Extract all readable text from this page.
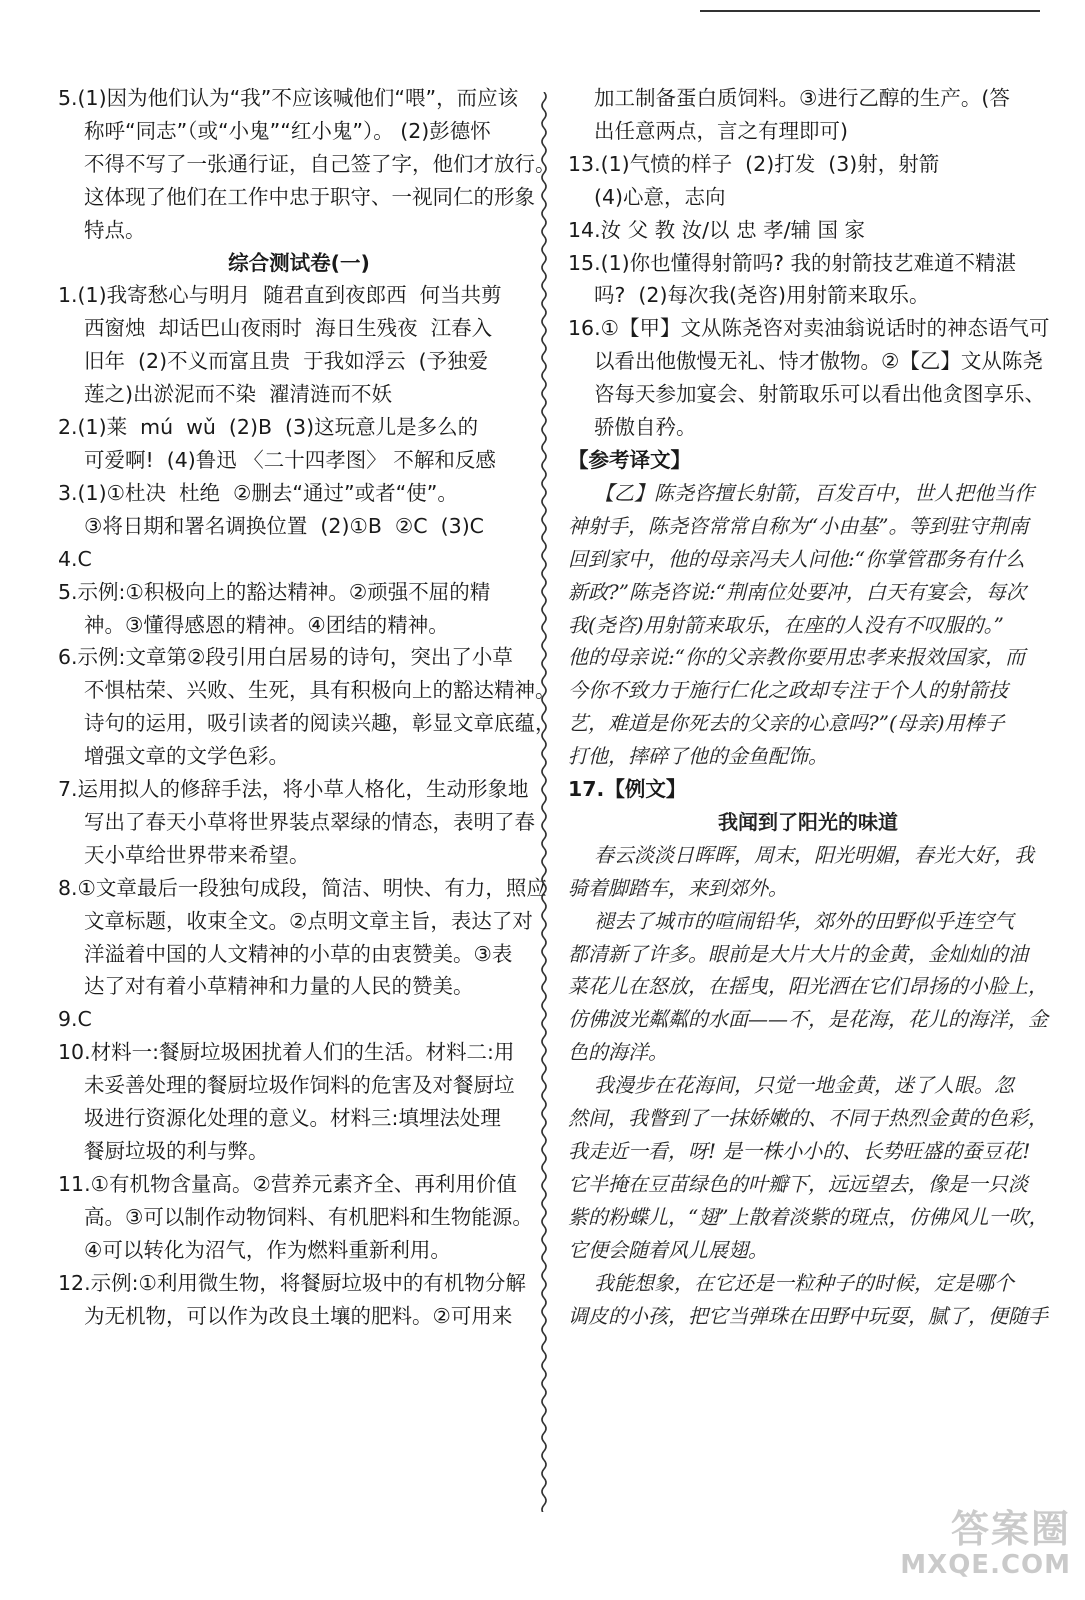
5.(1)因为他们认为“我”不应该喊他们“喂”，而应该
称呼“同志”（或“小鬼”“红小鬼”）。 (2)彭德怀
不得不写了一张通行证，自己签了字，他们才放行。
这体现了他们在工作中忠于职守、一视同仁的形象
特点。
综合测试卷(一)
1.(1)我寄愁心与明月  随君直到夜郎西  何当共剪
西窗烛  却话巴山夜雨时  海日生残夜  江春入
旧年  (2)不义而富且贵  于我如浮云  (予独爱
莲之)出淤泥而不染  濯清涟而不妖
2.(1)莱  mú  wǔ  (2)B  (3)这玩意儿是多么的
可爱啊!  (4)鲁迅 〈二十四孝图〉 不解和反感
3.(1)①杜决  杜绝  ②删去“通过”或者“使”。
③将日期和署名调换位置  (2)①B  ②C  (3)C
4.C
5.示例:①积极向上的豁达精神。②顽强不屈的精
神。③懂得感恩的精神。④团结的精神。
6.示例:文章第②段引用白居易的诗句，突出了小草
不惧枯荣、兴败、生死，具有积极向上的豁达精神。
诗句的运用，吸引读者的阅读兴趣，彰显文章底蕴，
增强文章的文学色彩。
7.运用拟人的修辞手法，将小草人格化，生动形象地
写出了春天小草将世界装点翠绿的情态，表明了春
天小草给世界带来希望。
8.①文章最后一段独句成段，简洁、明快、有力，照应
文章标题，收束全文。②点明文章主旨，表达了对
洋溢着中国的人文精神的小草的由衷赞美。③表
达了对有着小草精神和力量的人民的赞美。
9.C
10.材料一:餐厨垃圾困扰着人们的生活。材料二:用
未妥善处理的餐厨垃圾作饲料的危害及对餐厨垃
圾进行资源化处理的意义。材料三:填埋法处理
餐厨垃圾的利与弊。
11.①有机物含量高。②营养元素齐全、再利用价值
高。③可以制作动物饲料、有机肥料和生物能源。
④可以转化为沼气，作为燃料重新利用。
12.示例:①利用微生物，将餐厨垃圾中的有机物分解
为无机物，可以作为改良土壤的肥料。②可用来
加工制备蛋白质饲料。③进行乙醇的生产。(答
出任意两点，言之有理即可)
13.(1)气愤的样子  (2)打发  (3)射，射箭
(4)心意，志向
14.汝 父 教 汝/以 忠 孝/辅 国 家
15.(1)你也懂得射箭吗? 我的射箭技艺难道不精湛
吗?  (2)每次我(尧咨)用射箭来取乐。
16.①【甲】文从陈尧咨对卖油翁说话时的神态语气可
以看出他傲慢无礼、恃才傲物。②【乙】文从陈尧
咨每天参加宴会、射箭取乐可以看出他贪图享乐、
骄傲自矜。
【参考译文】
【乙】陈尧咨擅长射箭，百发百中，世人把他当作
神射手，陈尧咨常常自称为“小由基”。等到驻守荆南
回到家中，他的母亲冯夫人问他:“你掌管郡务有什么
新政?”陈尧咨说:“荆南位处要冲，白天有宴会，每次
我(尧咨)用射箭来取乐，在座的人没有不叹服的。”
他的母亲说:“你的父亲教你要用忠孝来报效国家，而
今你不致力于施行仁化之政却专注于个人的射箭技
艺，难道是你死去的父亲的心意吗?”(母亲)用棒子
打他，摔碎了他的金鱼配饰。
17.【例文】
我闻到了阳光的味道
春云淡淡日晖晖，周末，阳光明媚，春光大好，我
骑着脚踏车，来到郊外。
褪去了城市的喧闹铅华，郊外的田野似乎连空气
都清新了许多。眼前是大片大片的金黄，金灿灿的油
菜花儿在怒放，在摇曳，阳光洒在它们昂扬的小脸上，
仿佛波光粼粼的水面——不，是花海，花儿的海洋，金
色的海洋。
我漫步在花海间，只觉一地金黄，迷了人眼。忽
然间，我瞥到了一抹娇嫩的、不同于热烈金黄的色彩，
我走近一看，呀! 是一株小小的、长势旺盛的蚕豆花!
它半掩在豆苗绿色的叶瓣下，远远望去，像是一只淡
紫的粉蝶儿，“翅”上散着淡紫的斑点，仿佛风儿一吹，
它便会随着风儿展翅。
我能想象，在它还是一粒种子的时候，定是哪个
调皮的小孩，把它当弹珠在田野中玩耍，腻了，便随手
答案圈
MXQE.COM
